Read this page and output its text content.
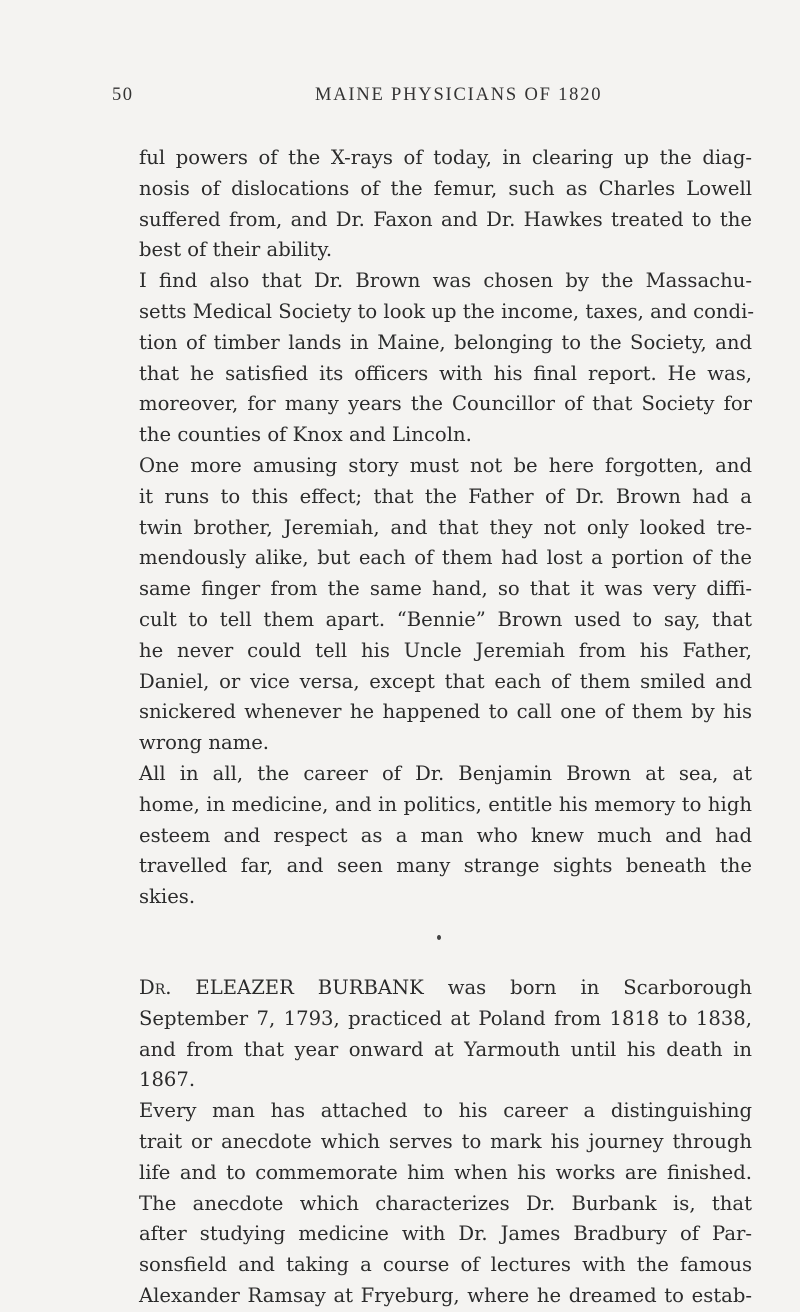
50	MAINE PHYSICIANS OF 1820
ful powers of the X-rays of today, in clearing up the diag-
nosis of dislocations of the femur, such as Charles Lowell
suffered from, and Dr. Faxon and Dr. Hawkes treated to the
best of their ability.
I find also that Dr. Brown was chosen by the Massachu-
setts Medical Society to look up the income, taxes, and condi-
tion of timber lands in Maine, belonging to the Society, and
that he satisfied its officers with his final report. He was,
moreover, for many years the Councillor of that Society for
the counties of Knox and Lincoln.
One more amusing story must not be here forgotten, and
it runs to this effect; that the Father of Dr. Brown had a
twin brother, Jeremiah, and that they not only looked tre-
mendously alike, but each of them had lost a portion of the
same finger from the same hand, so that it was very diffi-
cult to tell them apart. “Bennie” Brown used to say, that
he never could tell his Uncle Jeremiah from his Father,
Daniel, or vice versa, except that each of them smiled and
snickered whenever he happened to call one of them by his
wrong name.
All in all, the career of Dr. Benjamin Brown at sea, at
home, in medicine, and in politics, entitle his memory to high
esteem and respect as a man who knew much and had
travelled far, and seen many strange sights beneath the
skies.
Dr. ELEAZER BURBANK was born in Scarborough
September 7, 1793, practiced at Poland from 1818 to 1838,
and from that year onward at Yarmouth until his death in
1867.
Every man has attached to his career a distinguishing
trait or anecdote which serves to mark his journey through
life and to commemorate him when his works are finished.
The anecdote which characterizes Dr. Burbank is, that
after studying medicine with Dr. James Bradbury of Par-
sonsfield and taking a course of lectures with the famous
Alexander Ramsay at Fryeburg, where he dreamed to estab-
